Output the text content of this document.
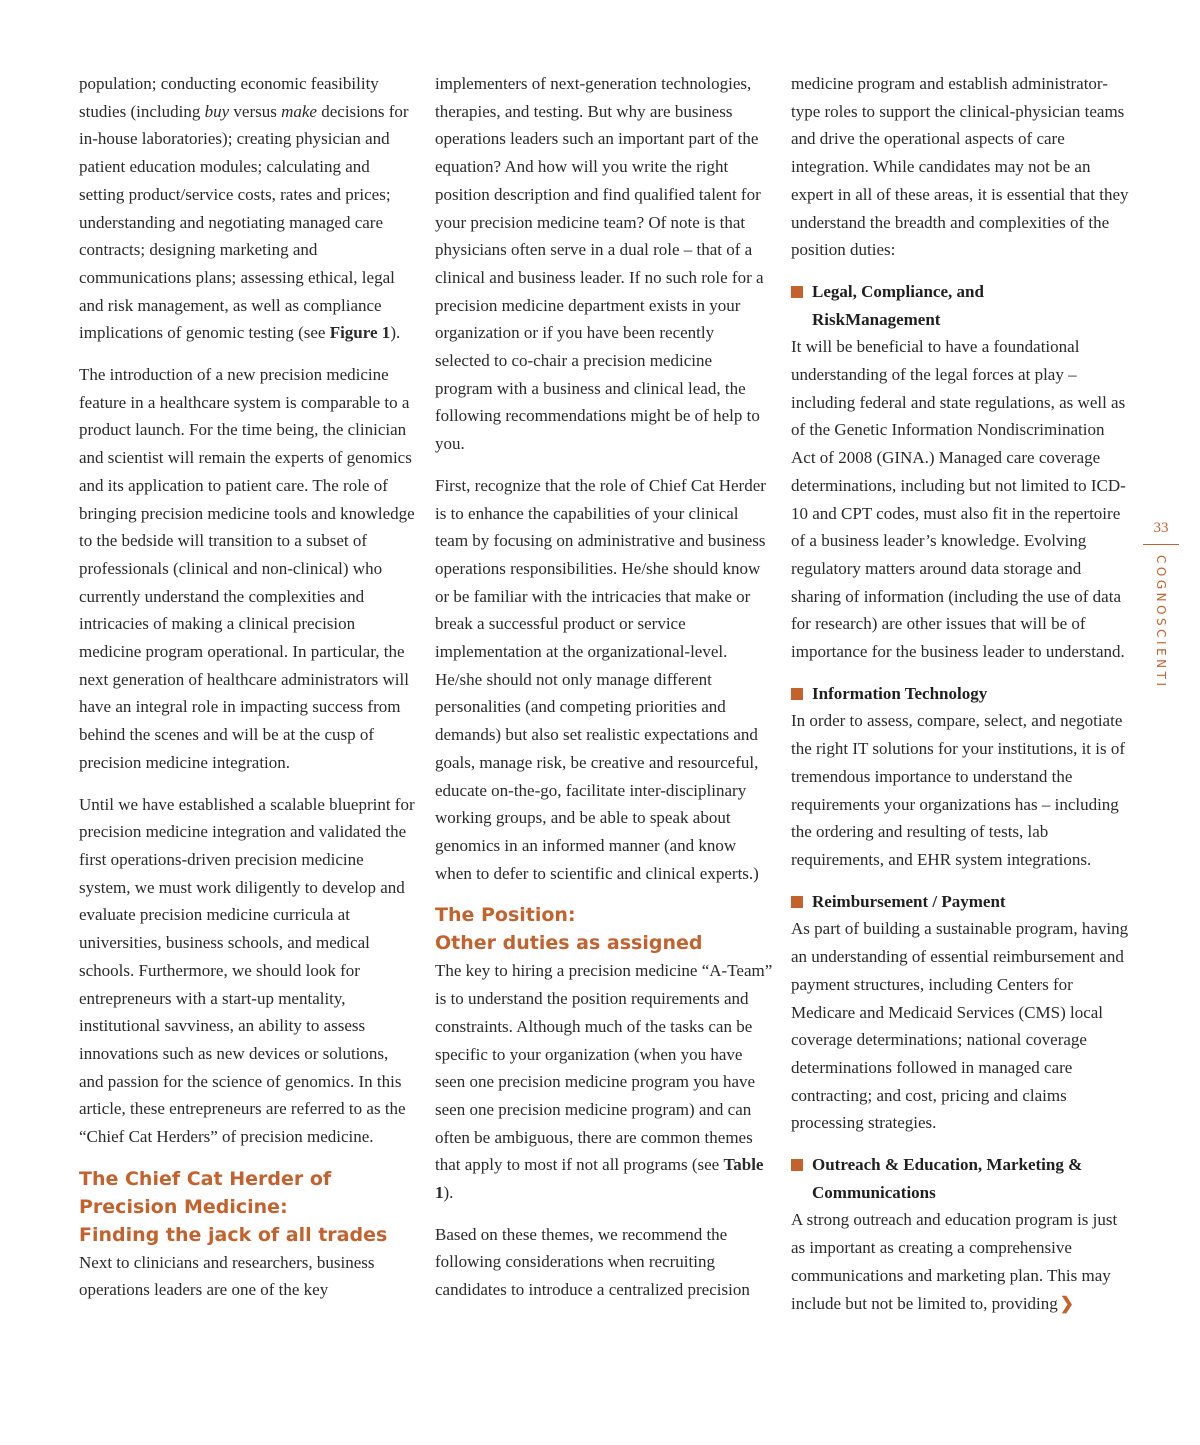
population; conducting economic feasibility studies (including buy versus make decisions for in-house laboratories); creating physician and patient education modules; calculating and setting product/service costs, rates and prices; understanding and negotiating managed care contracts; designing marketing and communications plans; assessing ethical, legal and risk management, as well as compliance implications of genomic testing (see Figure 1).

The introduction of a new precision medicine feature in a healthcare system is comparable to a product launch. For the time being, the clinician and scientist will remain the experts of genomics and its application to patient care. The role of bringing precision medicine tools and knowledge to the bedside will transition to a subset of professionals (clinical and non-clinical) who currently understand the complexities and intricacies of making a clinical precision medicine program operational. In particular, the next generation of healthcare administrators will have an integral role in impacting success from behind the scenes and will be at the cusp of precision medicine integration.

Until we have established a scalable blueprint for precision medicine integration and validated the first operations-driven precision medicine system, we must work diligently to develop and evaluate precision medicine curricula at universities, business schools, and medical schools. Furthermore, we should look for entrepreneurs with a start-up mentality, institutional savviness, an ability to assess innovations such as new devices or solutions, and passion for the science of genomics. In this article, these entrepreneurs are referred to as the “Chief Cat Herders” of precision medicine.

The Chief Cat Herder of
Precision Medicine:
Finding the jack of all trades

Next to clinicians and researchers, business operations leaders are one of the key

implementers of next-generation technologies, therapies, and testing. But why are business operations leaders such an important part of the equation? And how will you write the right position description and find qualified talent for your precision medicine team? Of note is that physicians often serve in a dual role – that of a clinical and business leader. If no such role for a precision medicine department exists in your organization or if you have been recently selected to co-chair a precision medicine program with a business and clinical lead, the following recommendations might be of help to you.

First, recognize that the role of Chief Cat Herder is to enhance the capabilities of your clinical team by focusing on administrative and business operations responsibilities. He/she should know or be familiar with the intricacies that make or break a successful product or service implementation at the organizational-level. He/she should not only manage different personalities (and competing priorities and demands) but also set realistic expectations and goals, manage risk, be creative and resourceful, educate on-the-go, facilitate inter-disciplinary working groups, and be able to speak about genomics in an informed manner (and know when to defer to scientific and clinical experts.)

The Position:
Other duties as assigned

The key to hiring a precision medicine “A-Team” is to understand the position requirements and constraints. Although much of the tasks can be specific to your organization (when you have seen one precision medicine program you have seen one precision medicine program) and can often be ambiguous, there are common themes that apply to most if not all programs (see Table 1).

Based on these themes, we recommend the following considerations when recruiting candidates to introduce a centralized precision

medicine program and establish administrator-type roles to support the clinical-physician teams and drive the operational aspects of care integration. While candidates may not be an expert in all of these areas, it is essential that they understand the breadth and complexities of the position duties:

Legal, Compliance, and
RiskManagement

It will be beneficial to have a foundational understanding of the legal forces at play – including federal and state regulations, as well as of the Genetic Information Nondiscrimination Act of 2008 (GINA.) Managed care coverage determinations, including but not limited to ICD-10 and CPT codes, must also fit in the repertoire of a business leader’s knowledge. Evolving regulatory matters around data storage and sharing of information (including the use of data for research) are other issues that will be of importance for the business leader to understand.

Information Technology

In order to assess, compare, select, and negotiate the right IT solutions for your institutions, it is of tremendous importance to understand the requirements your organizations has – including the ordering and resulting of tests, lab requirements, and EHR system integrations.

Reimbursement / Payment

As part of building a sustainable program, having an understanding of essential reimbursement and payment structures, including Centers for Medicare and Medicaid Services (CMS) local coverage determinations; national coverage determinations followed in managed care contracting; and cost, pricing and claims processing strategies.

Outreach & Education, Marketing &
Communications

A strong outreach and education program is just as important as creating a comprehensive communications and marketing plan. This may include but not be limited to, providing ❯

33
COGNOSCIENTI
